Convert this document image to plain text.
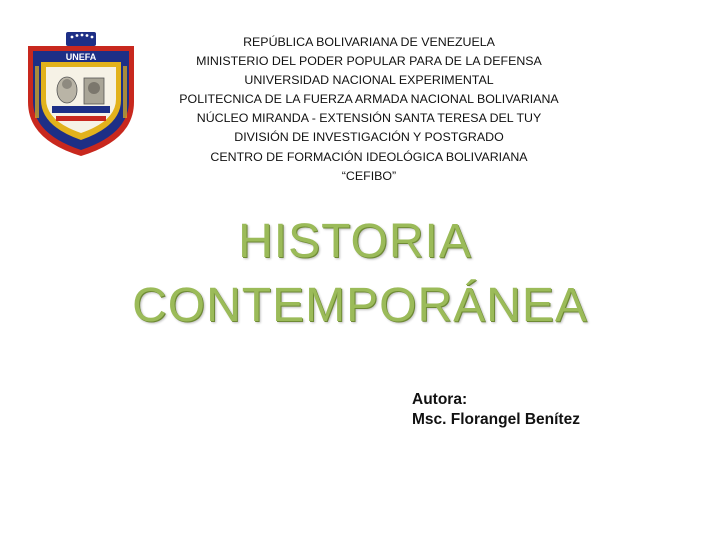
UNEFA
REPÚBLICA BOLIVARIANA DE VENEZUELA
MINISTERIO DEL PODER POPULAR PARA DE LA DEFENSA
UNIVERSIDAD NACIONAL EXPERIMENTAL
POLITECNICA DE LA FUERZA ARMADA NACIONAL BOLIVARIANA
NÚCLEO MIRANDA - EXTENSIÓN SANTA TERESA DEL TUY
DIVISIÓN DE INVESTIGACIÓN Y POSTGRADO
CENTRO DE FORMACIÓN IDEOLÓGICA BOLIVARIANA
“CEFIBO”
HISTORIA
CONTEMPORÁNEA
Autora:
Msc. Florangel Benítez
